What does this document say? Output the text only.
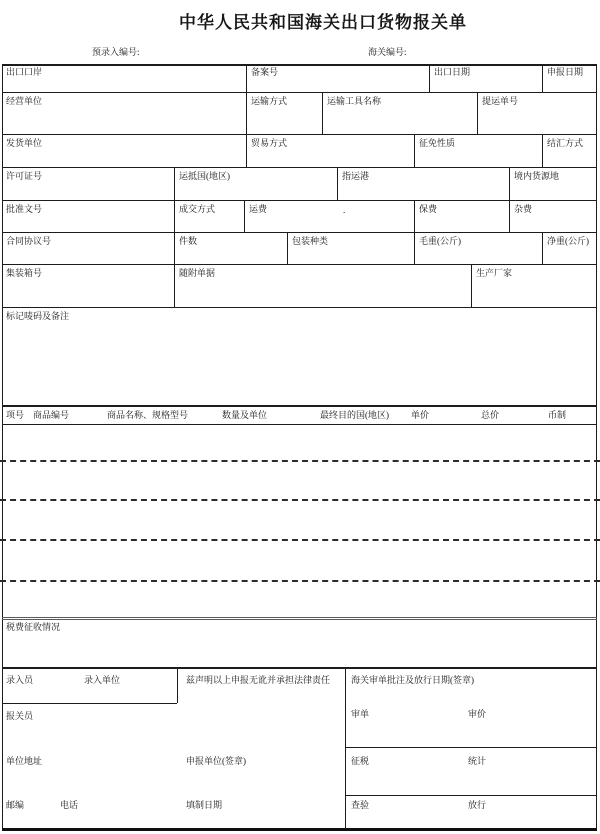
中华人民共和国海关出口货物报关单
预录入编号:	海关编号:
出口口岸	备案号	出口日期	申报日期
经营单位	运输方式	运输工具名称	提运单号
发货单位	贸易方式	征免性质	结汇方式
许可证号	运抵国(地区)	指运港	境内货源地
批准文号	成交方式	运费	保费	杂费
.
合同协议号	件数	包装种类	毛重(公斤)	净重(公斤)
集装箱号	随附单据	生产厂家
标记唛码及备注
项号 商品编号	商品名称、规格型号	数量及单位	最终目的国(地区) 单价	总价	币制
税费征收情况
录入员	录入单位	兹声明以上申报无讹并承担法律责任 海关审单批注及放行日期(签章)
报关员	审单	审价
单位地址	申报单位(签章)	征税	统计
邮编	电话	填制日期	查验	放行
